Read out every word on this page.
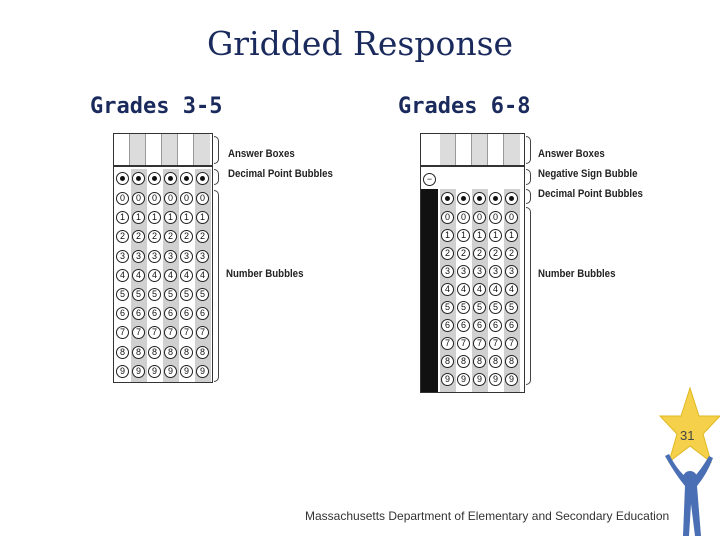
Gridded Response
Grades 3-5	Grades 6-8
0
1
2
3
4
5
6
7
8
9
0
1
2
3
4
5
6
7
8
9
0
1
2
3
4
5
6
7
8
9
0
1
2
3
4
5
6
7
8
9
0
1
2
3
4
5
6
7
8
9
0
1
2
3
4
5
6
7
8
9
−
0
1
2
3
4
5
6
7
8
9
0
1
2
3
4
5
6
7
8
9
0
1
2
3
4
5
6
7
8
9
0
1
2
3
4
5
6
7
8
9
0
1
2
3
4
5
6
7
8
9
Answer Boxes
Decimal Point Bubbles
Number Bubbles
Answer Boxes
Negative Sign Bubble
Decimal Point Bubbles
Number Bubbles
31
Massachusetts Department of Elementary and Secondary Education
